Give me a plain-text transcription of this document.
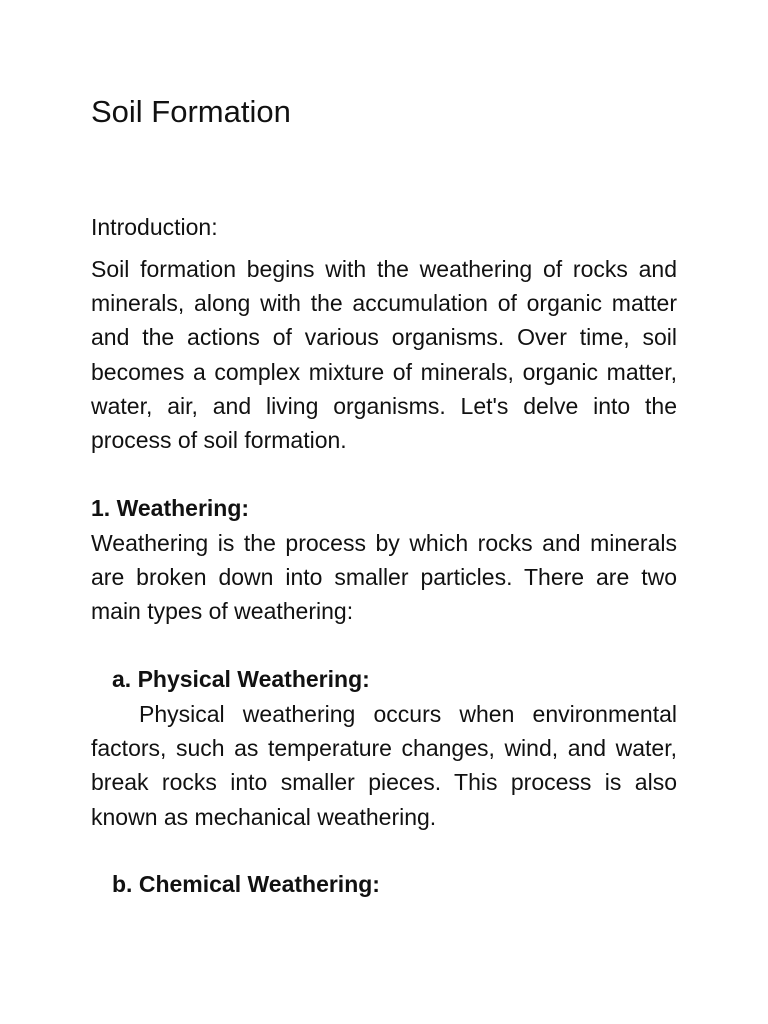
Soil Formation

Introduction:

Soil formation begins with the weathering of rocks and minerals, along with the accumulation of organic matter and the actions of various organisms. Over time, soil becomes a complex mixture of minerals, organic matter, water, air, and living organisms. Let's delve into the process of soil formation.

1. Weathering:

Weathering is the process by which rocks and minerals are broken down into smaller particles. There are two main types of weathering:

a. Physical Weathering:

Physical weathering occurs when environmental factors, such as temperature changes, wind, and water, break rocks into smaller pieces. This process is also known as mechanical weathering.

b. Chemical Weathering:
